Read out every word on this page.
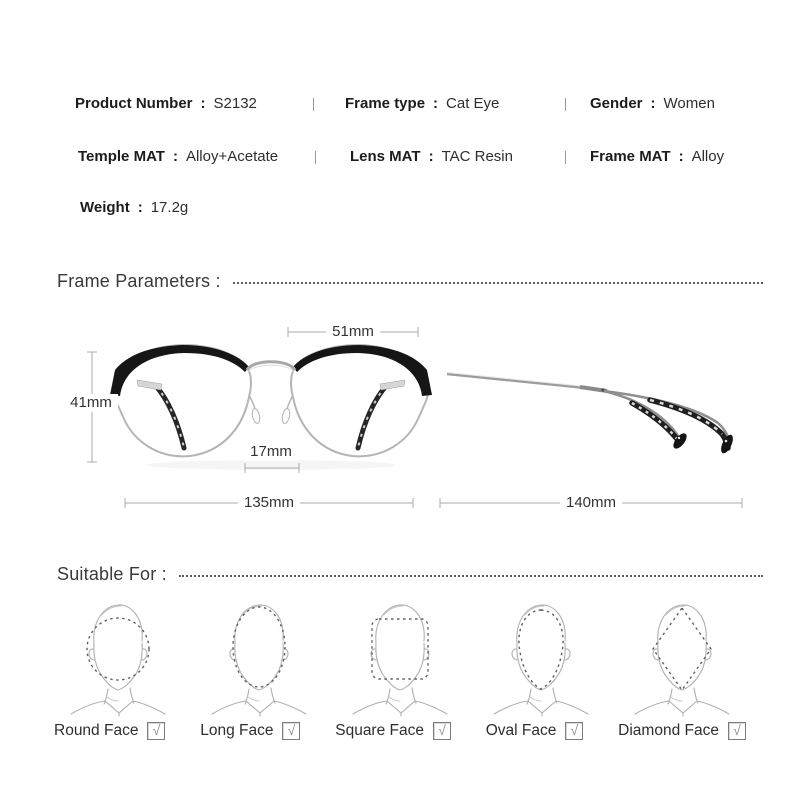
Product Number : S2132	Frame type : Cat Eye	Gender : Women
Temple MAT : Alloy+Acetate	Lens MAT : TAC Resin	Frame MAT : Alloy
Weight : 17.2g
Frame Parameters :
51mm
41mm
17mm
135mm	140mm
Suitable For :
Round Face √	Long Face √	Square Face √	Oval Face √	Diamond Face √
